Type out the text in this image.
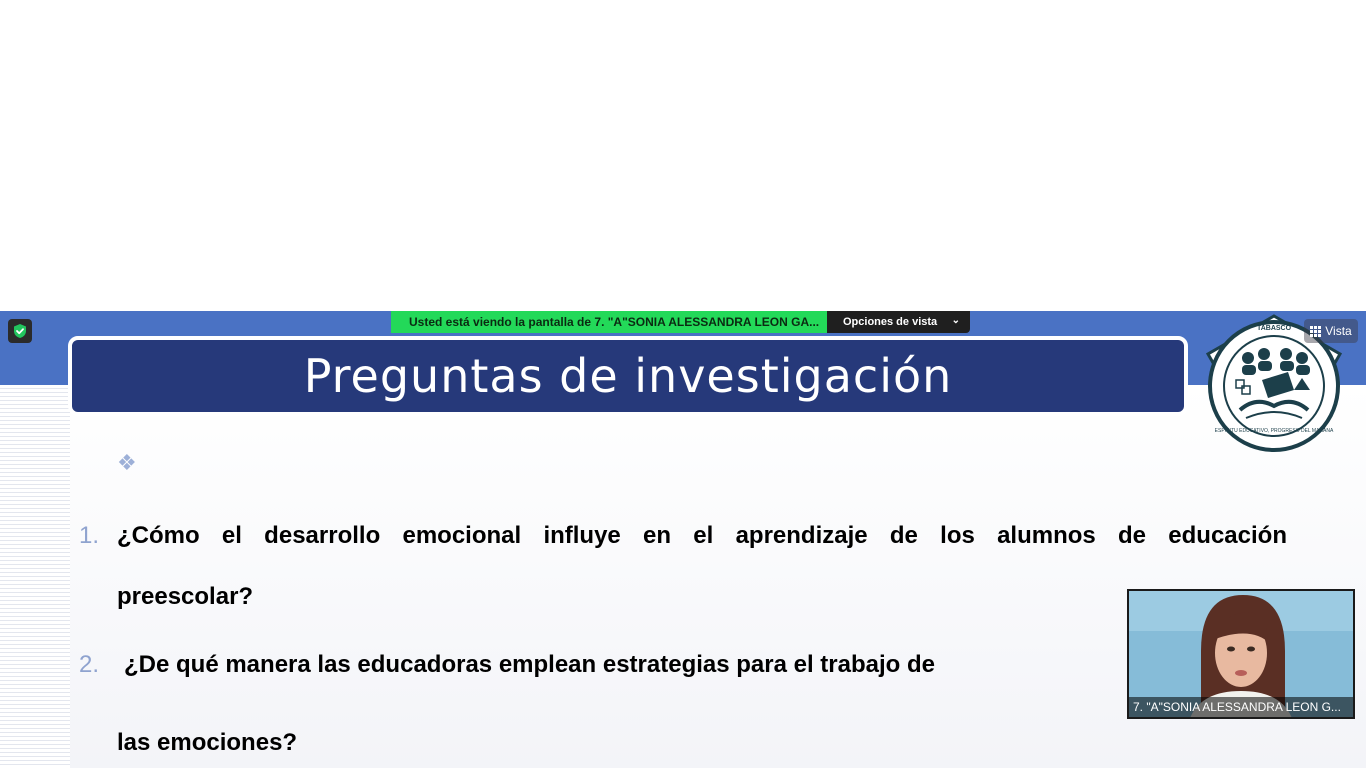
Preguntas de investigación
❖
1. ¿Cómo el desarrollo emocional influye en el aprendizaje de los alumnos de educación
preescolar?
2. ¿De qué manera las educadoras emplean estrategias para el trabajo de
las emociones?
TABASCO
ESPÍRITU EDUCATIVO, PROGRESO DEL MAÑANA
Usted está viendo la pantalla de 7. "A"SONIA ALESSANDRA LEON GA... Opciones de vista ⌄
Vista
7. "A"SONIA ALESSANDRA LEON G...
